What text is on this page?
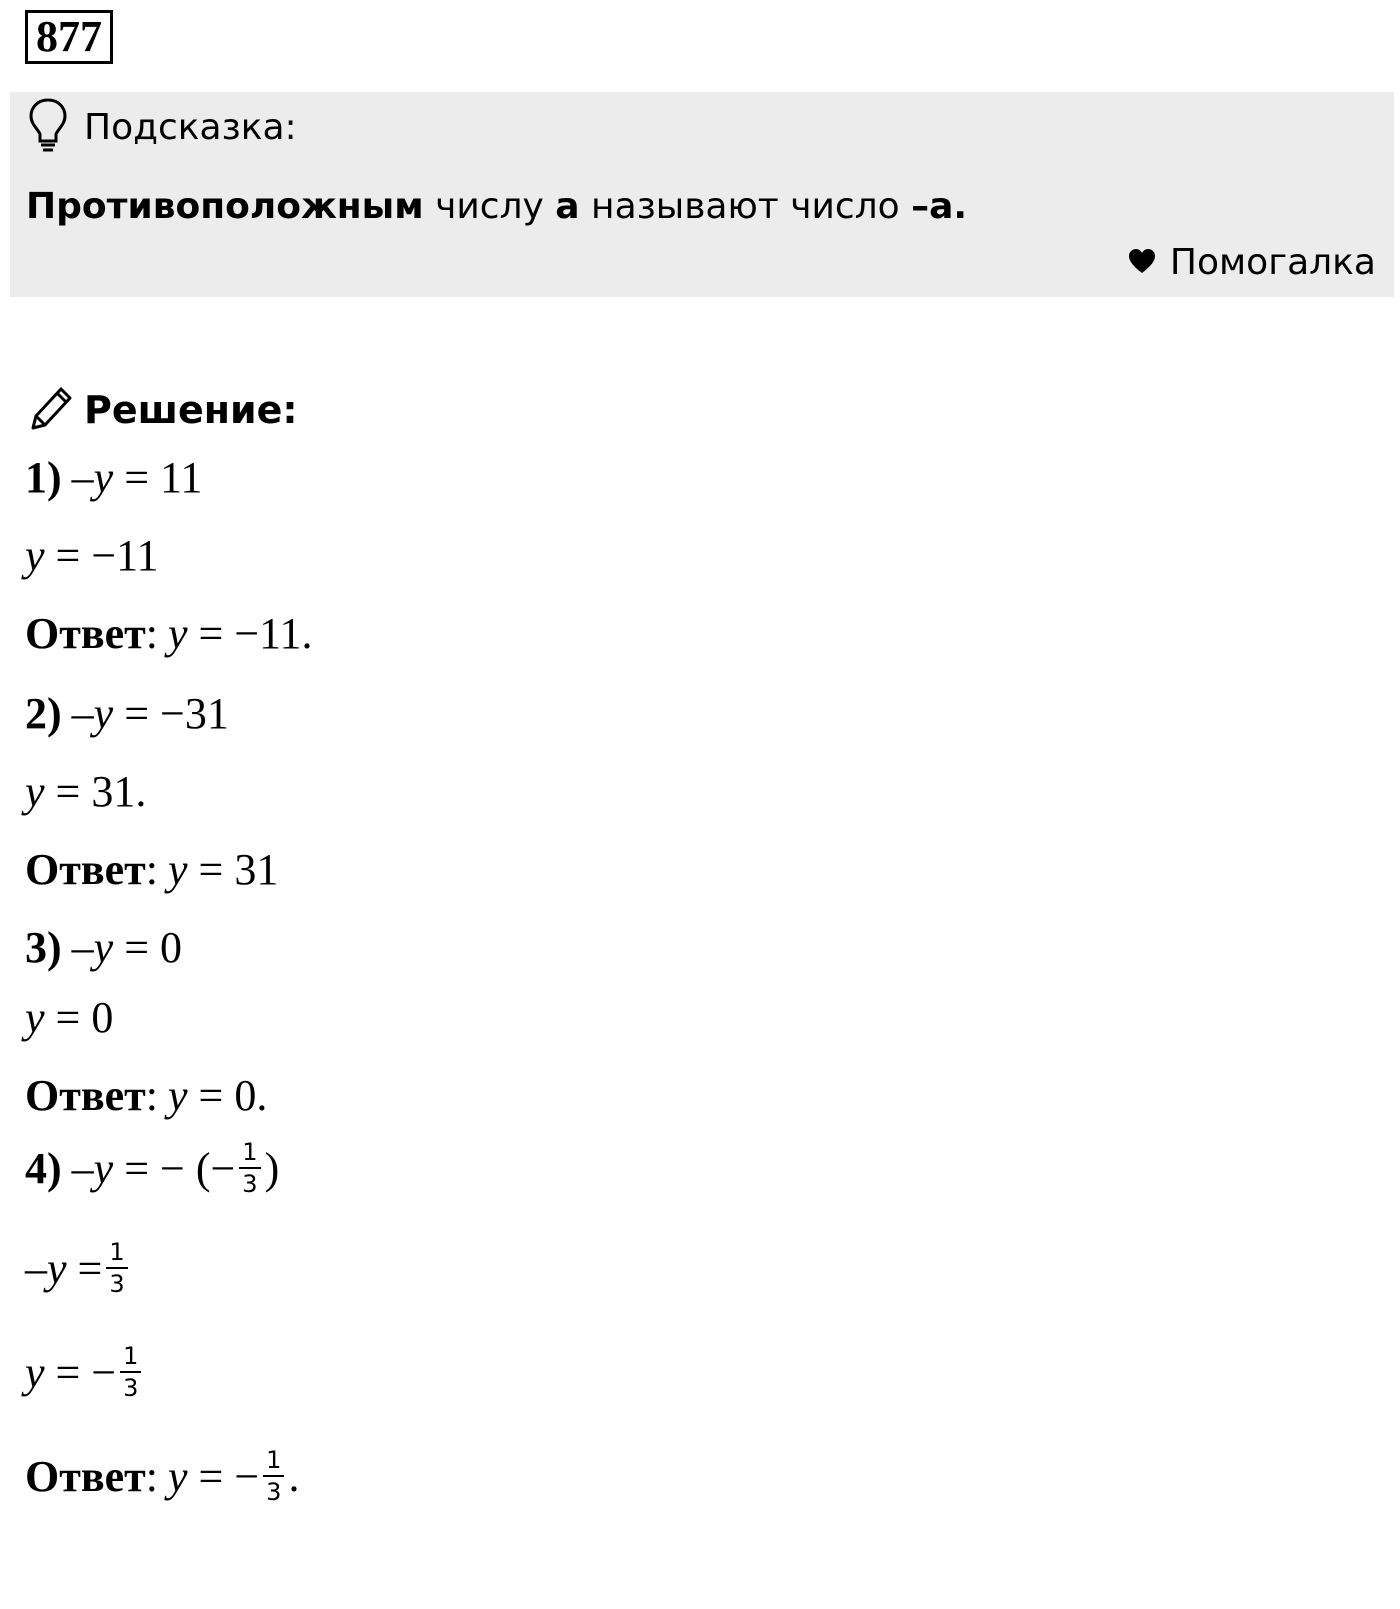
877
Подсказка:
Противоположным числу а называют число –а.
Помогалка
Решение:
1) –y = 11
y = −11
Ответ : y = −11.
2) –y = −31
y = 31.
Ответ : y = 31
3) –y = 0
y = 0
Ответ : y = 0.
4) –y = − (− $\frac{1}{3}$ )
$-y = \frac{1}{3}$
y = − $\frac{1}{3}$
Ответ : y = − $\frac{1}{3}$ .
